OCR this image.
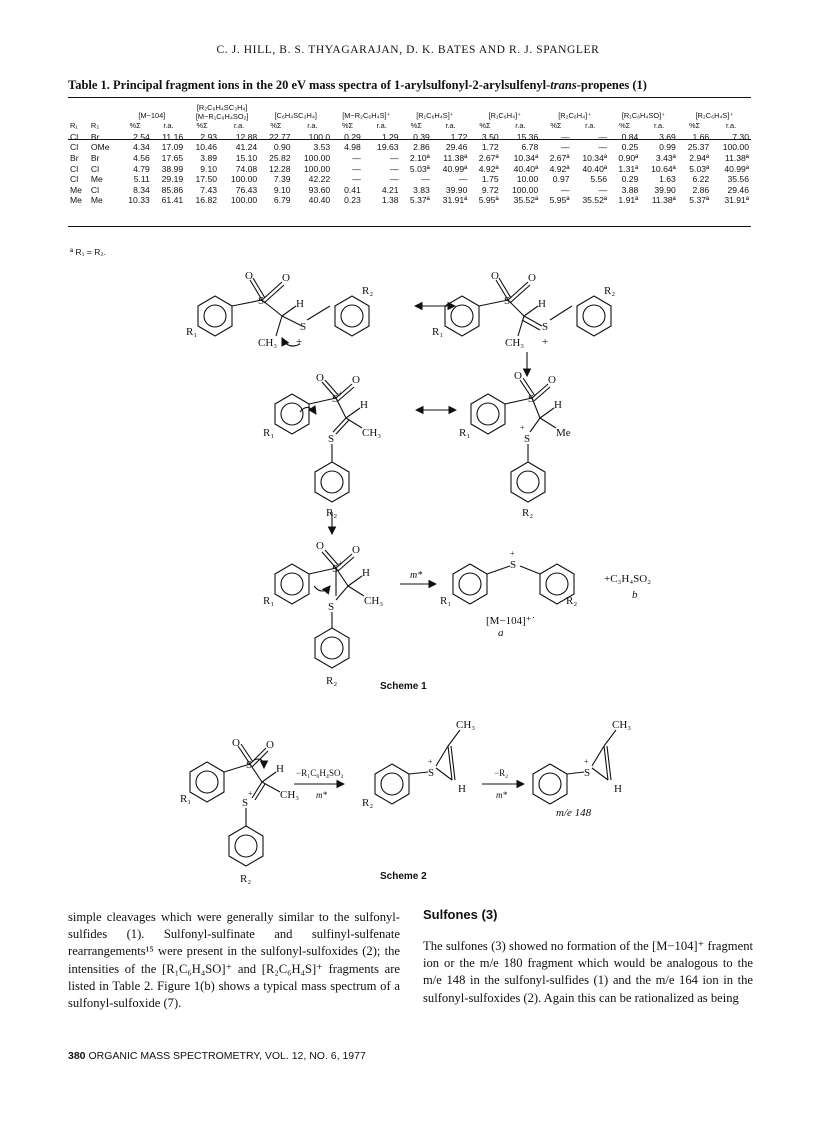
C. J. HILL, B. S. THYAGARAJAN, D. K. BATES AND R. J. SPANGLER
Table 1. Principal fragment ions in the 20 eV mass spectra of 1-arylsulfonyl-2-arylsulfenyl-trans-propenes (1)
		[M−104]		[R₂C₆H₄SC₃H₄]
[M−R₁C₆H₄SO₂]		[C₆H₄SC₃H₄]		[M−R₂C₆H₄S]⁺		[R₁C₆H₄S]⁺		[R₁C₆H₄]⁺		[R₂C₆H₄]⁺		[R₁C₆H₄SO]⁺		[R₂C₆H₄S]⁺	
R₁	R₂	%Σ	r.a.	%Σ	r.a.	%Σ	r.a.	%Σ	r.a.	%Σ	r.a.	%Σ	r.a.	%Σ	r.a.	%Σ	r.a.	%Σ	r.a.
Cl	Br	2.54	11.16	2.93	12.88	22.77	100.0	0.29	1.29	0.39	1.72	3.50	15.36	—	—	0.84	3.69	1.66	7.30
Cl	OMe	4.34	17.09	10.46	41.24	0.90	3.53	4.98	19.63	2.86	29.46	1.72	6.78	—	—	0.25	0.99	25.37	100.00
Br	Br	4.56	17.65	3.89	15.10	25.82	100.00	—	—	2.10ª	11.38ª	2.67ª	10.34ª	2.67ª	10.34ª	0.90ª	3.43ª	2.94ª	11.38ª
Cl	Cl	4.79	38.99	9.10	74.08	12.28	100.00	—	—	5.03ª	40.99ª	4.92ª	40.40ª	4.92ª	40.40ª	1.31ª	10.64ª	5.03ª	40.99ª
Cl	Me	5.11	29.19	17.50	100.00	7.39	42.22	—	—	—	—	1.75	10.00	0.97	5.56	0.29	1.63	6.22	35.56
Me	Cl	8.34	85.86	7.43	76.43	9.10	93.60	0.41	4.21	3.83	39.90	9.72	100.00	—	—	3.88	39.90	2.86	29.46
Me	Me	10.33	61.41	16.82	100.00	6.79	40.40	0.23	1.38	5.37ª	31.91ª	5.95ª	35.52ª	5.95ª	35.52ª	1.91ª	11.38ª	5.37ª	31.91ª
ª R₁ = R₂.
O	O
S	H
CH₃
S
+
R₁
R₂
O	O
S	H
CH₃
S
+
R₁
R₂
O	O
S +
H
CH₃
S
R₁
R₂
O O
S H
Me
S
+
R₁
R₂
O	O
S +
H
CH₃
S
R₁
R₂
m*
+
S
R₁	R₂
[M−104]⁺˙
a
+C₃H₄SO₂
b
Scheme 1
O O
S H
CH₃
S
+
R₁
R₂
−R₁C₆H₄SO₂
m*
S
+
CH₃
H
R₂
−R₂
m*
S
+
CH₃
H
m/e 148
Scheme 2
simple cleavages which were generally similar to the sulfonyl-sulfides (1). Sulfonyl-sulfinate and sulfinyl-sulfenate rearrangements¹⁵ were present in the sulfonyl-sulfoxides (2); the intensities of the [R₁C₆H₄SO]⁺ and [R₂C₆H₄S]⁺ fragments are listed in Table 2. Figure 1(b) shows a typical mass spectrum of a sulfonyl-sulfoxide (7).
Sulfones (3)
The sulfones (3) showed no formation of the [M−104]⁺ fragment ion or the m/e 180 fragment which would be analogous to the m/e 148 in the sulfonyl-sulfides (1) and the m/e 164 ion in the sulfonyl-sulfoxides (2). Again this can be rationalized as being
380 ORGANIC MASS SPECTROMETRY, VOL. 12, NO. 6, 1977
